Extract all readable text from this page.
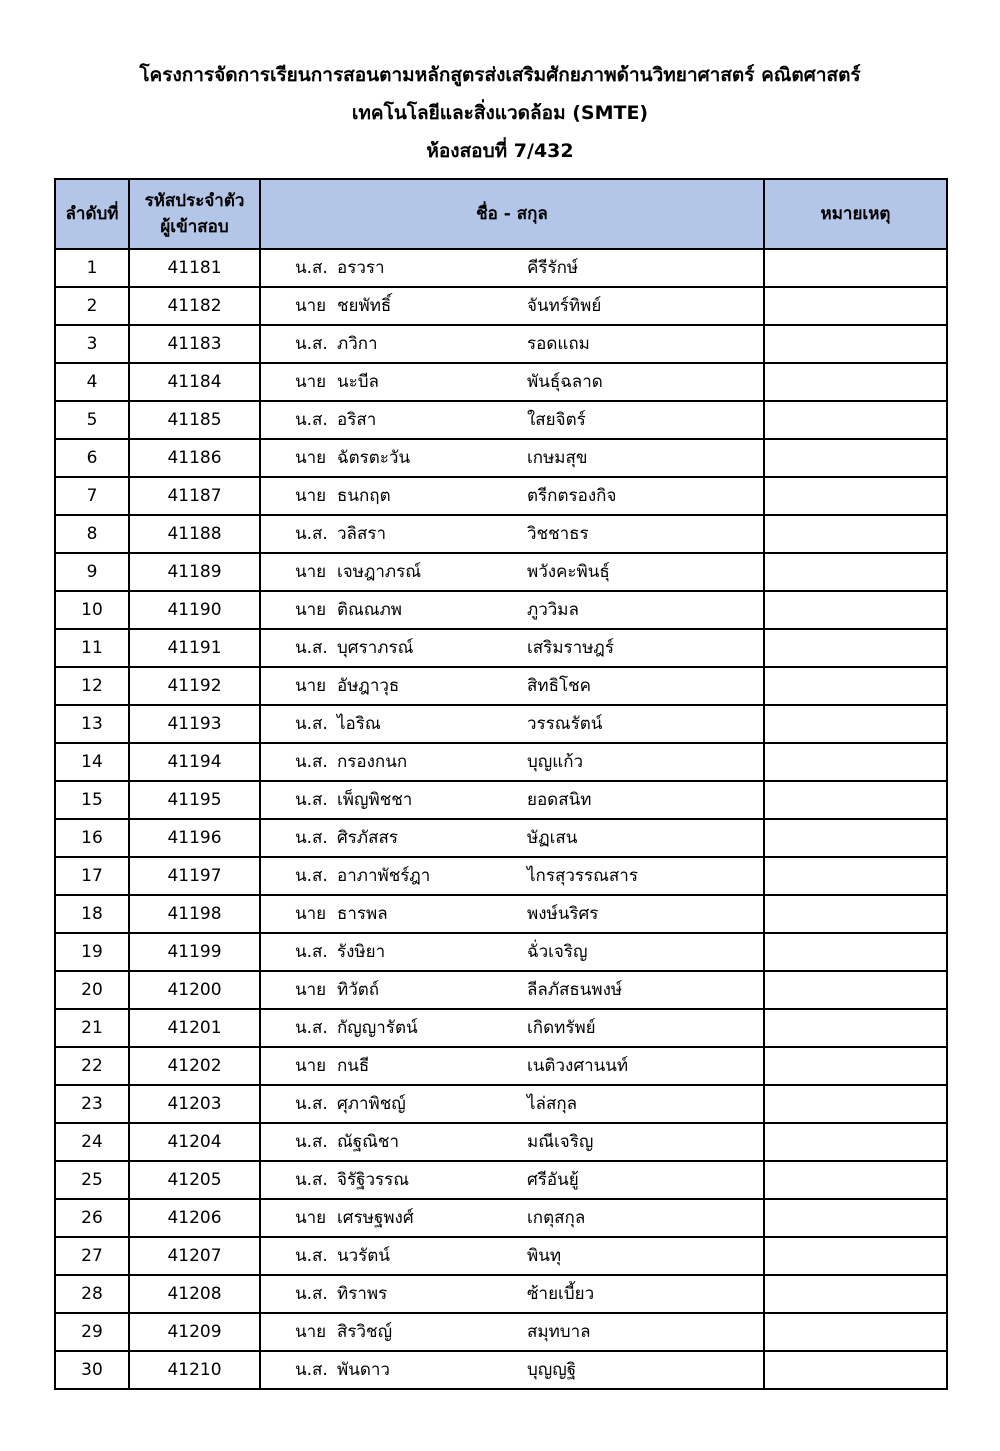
โครงการจัดการเรียนการสอนตามหลักสูตรส่งเสริมศักยภาพด้านวิทยาศาสตร์ คณิตศาสตร์
เทคโนโลยีและสิ่งแวดล้อม (SMTE)
ห้องสอบที่ 7/432
ลำดับที่	รหัสประจำตัว
ผู้เข้าสอบ	ชื่อ - สกุล	หมายเหตุ
1	41181	น.ส. อรวรา คีรีรักษ์	

2	41182	นาย ชยพัทธิ์ จันทร์ทิพย์	

3	41183	น.ส. ภวิกา รอดแถม	

4	41184	นาย นะบีล พันธุ์ฉลาด	

5	41185	น.ส. อริสา ใสยจิตร์	

6	41186	นาย ฉัตรตะวัน เกษมสุข	

7	41187	นาย ธนกฤต ตรีกตรองกิจ	

8	41188	น.ส. วลิสรา วิชชาธร	

9	41189	นาย เจษฎาภรณ์ พวังคะพินธุ์	

10	41190	นาย ติณณภพ ภูววิมล	

11	41191	น.ส. บุศราภรณ์ เสริมราษฎร์	

12	41192	นาย อัษฎาวุธ สิทธิโชค	

13	41193	น.ส. ไอริณ วรรณรัตน์	

14	41194	น.ส. กรองกนก บุญแก้ว	

15	41195	น.ส. เพ็ญพิชชา ยอดสนิท	

16	41196	น.ส. ศิรภัสสร ษัฏเสน	

17	41197	น.ส. อาภาพัชร์ฎา ไกรสุวรรณสาร	

18	41198	นาย ธารพล พงษ์นริศร	

19	41199	น.ส. รังษิยา ฉั่วเจริญ	

20	41200	นาย ทิวัตถ์ ลีลภัสธนพงษ์	

21	41201	น.ส. กัญญารัตน์ เกิดทรัพย์	

22	41202	นาย กนธี เนติวงศานนท์	

23	41203	น.ส. ศุภาพิชญ์ ไล่สกุล	

24	41204	น.ส. ณัฐณิชา มณีเจริญ	

25	41205	น.ส. จิรัฐิวรรณ ศรีอันยู้	

26	41206	นาย เศรษฐพงศ์ เกตุสกุล	

27	41207	น.ส. นวรัตน์ พินทุ	

28	41208	น.ส. ทิราพร ซ้ายเบี้ยว	

29	41209	นาย สิรวิชญ์ สมุทบาล	

30	41210	น.ส. พันดาว บุญญฐิ	
